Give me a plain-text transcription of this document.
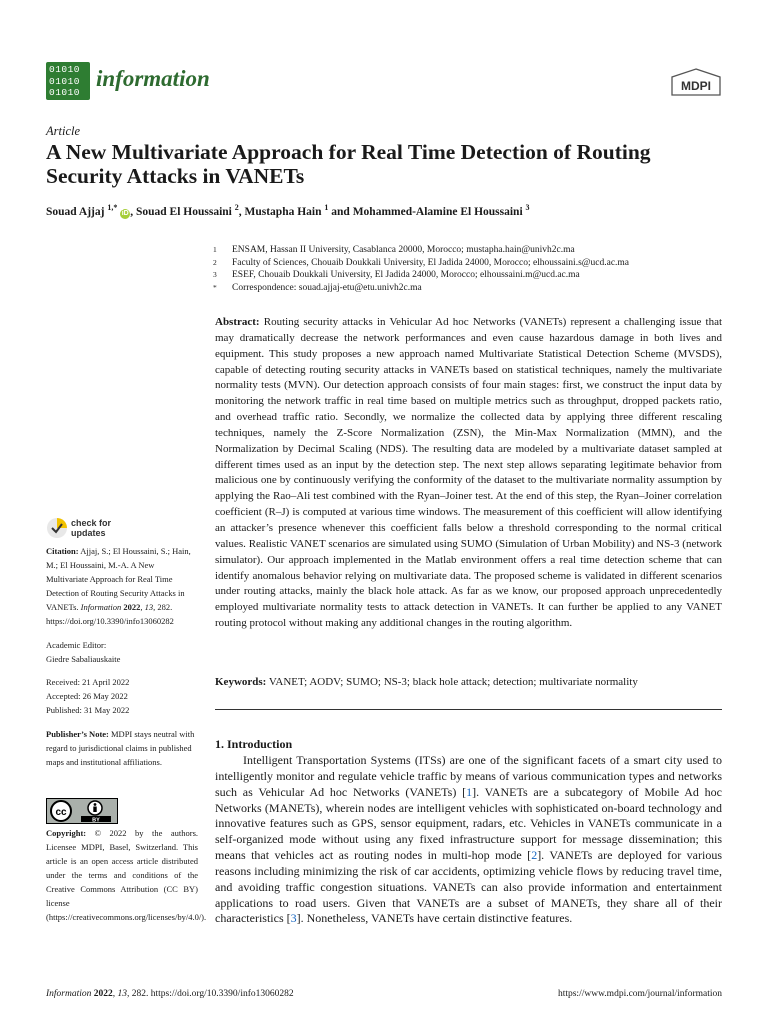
01010
01010
01010
information	MDPI
Article
A New Multivariate Approach for Real Time Detection of Routing Security Attacks in VANETs
Souad Ajjaj $^{1,*}$ iD , Souad El Houssaini $^2$, Mustapha Hain $^1$ and Mohammed-Alamine El Houssaini $^3$
1	ENSAM, Hassan II University, Casablanca 20000, Morocco; mustapha.hain@univh2c.ma
2	Faculty of Sciences, Chouaib Doukkali University, El Jadida 24000, Morocco; elhoussaini.s@ucd.ac.ma
3	ESEF, Chouaib Doukkali University, El Jadida 24000, Morocco; elhoussaini.m@ucd.ac.ma
*	Correspondence: souad.ajjaj-etu@etu.univh2c.ma
Abstract: Routing security attacks in Vehicular Ad hoc Networks (VANETs) represent a challenging issue that may dramatically decrease the network performances and even cause hazardous damage in both lives and equipment. This study proposes a new approach named Multivariate Statistical Detection Scheme (MVSDS), capable of detecting routing security attacks in VANETs based on statistical techniques, namely the multivariate normality tests (MVN). Our detection approach consists of four main stages: first, we construct the input data by monitoring the network traffic in real time based on multiple metrics such as throughput, dropped packets ratio, and overhead traffic ratio. Secondly, we normalize the collected data by applying three different rescaling techniques, namely the Z-Score Normalization (ZSN), the Min-Max Normalization (MMN), and the Normalization by Decimal Scaling (NDS). The resulting data are modeled by a multivariate dataset sampled at different times used as an input by the detection step. The next step allows separating legitimate behavior from malicious one by continuously verifying the conformity of the dataset to the multivariate normality assumption by applying the Rao–Ali test combined with the Ryan–Joiner test. At the end of this step, the Ryan–Joiner correlation coefficient (R–J) is computed at various time windows. The measurement of this coefficient will allow identifying an attacker’s presence whenever this coefficient falls below a threshold corresponding to the normal critical values. Realistic VANET scenarios are simulated using SUMO (Simulation of Urban Mobility) and NS-3 (network simulator). Our approach implemented in the Matlab environment offers a real time detection scheme that can identify anomalous behavior relying on multivariate data. The proposed scheme is validated in different scenarios under routing attacks, mainly the black hole attack. As far as we know, our proposed approach unprecedentedly employed multivariate normality tests to attack detection in VANETs. It can further be applied to any VANET routing protocol without making any additional changes in the routing algorithm.
Keywords: VANET; AODV; SUMO; NS-3; black hole attack; detection; multivariate normality
1. Introduction

Intelligent Transportation Systems (ITSs) are one of the significant facets of a smart city used to intelligently monitor and regulate vehicle traffic by means of various communication types and networks such as Vehicular Ad hoc Networks (VANETs) [1]. VANETs are a subcategory of Mobile Ad hoc Networks (MANETs), wherein nodes are intelligent vehicles with sophisticated on-board technology and innovative features such as GPS, sensor equipment, radars, etc. Vehicles in VANETs communicate in a self-organized mode without using any fixed infrastructure support for message dissemination; this means that vehicles act as routing nodes in multi-hop mode [2]. VANETs are deployed for various reasons including minimizing the risk of car accidents, optimizing vehicle flows by reducing travel time, and avoiding traffic congestion situations. VANETs can also provide information and entertainment applications to road users. Given that VANETs are a subset of MANETs, they share all of their characteristics [3]. Nonetheless, VANETs have certain distinctive features.

check for
updates
Citation: Ajjaj, S.; El Houssaini, S.; Hain, M.; El Houssaini, M.-A. A New Multivariate Approach for Real Time Detection of Routing Security Attacks in VANETs. Information 2022, 13, 282. https://doi.org/10.3390/info13060282
Academic Editor:
Giedre Sabaliauskaite
Received: 21 April 2022
Accepted: 26 May 2022
Published: 31 May 2022
Publisher’s Note: MDPI stays neutral with regard to jurisdictional claims in published maps and institutional affiliations.
cc
BY
Copyright: © 2022 by the authors. Licensee MDPI, Basel, Switzerland. This article is an open access article distributed under the terms and conditions of the Creative Commons Attribution (CC BY) license (https://creativecommons.org/licenses/by/4.0/).
Information 2022, 13, 282. https://doi.org/10.3390/info13060282	https://www.mdpi.com/journal/information
